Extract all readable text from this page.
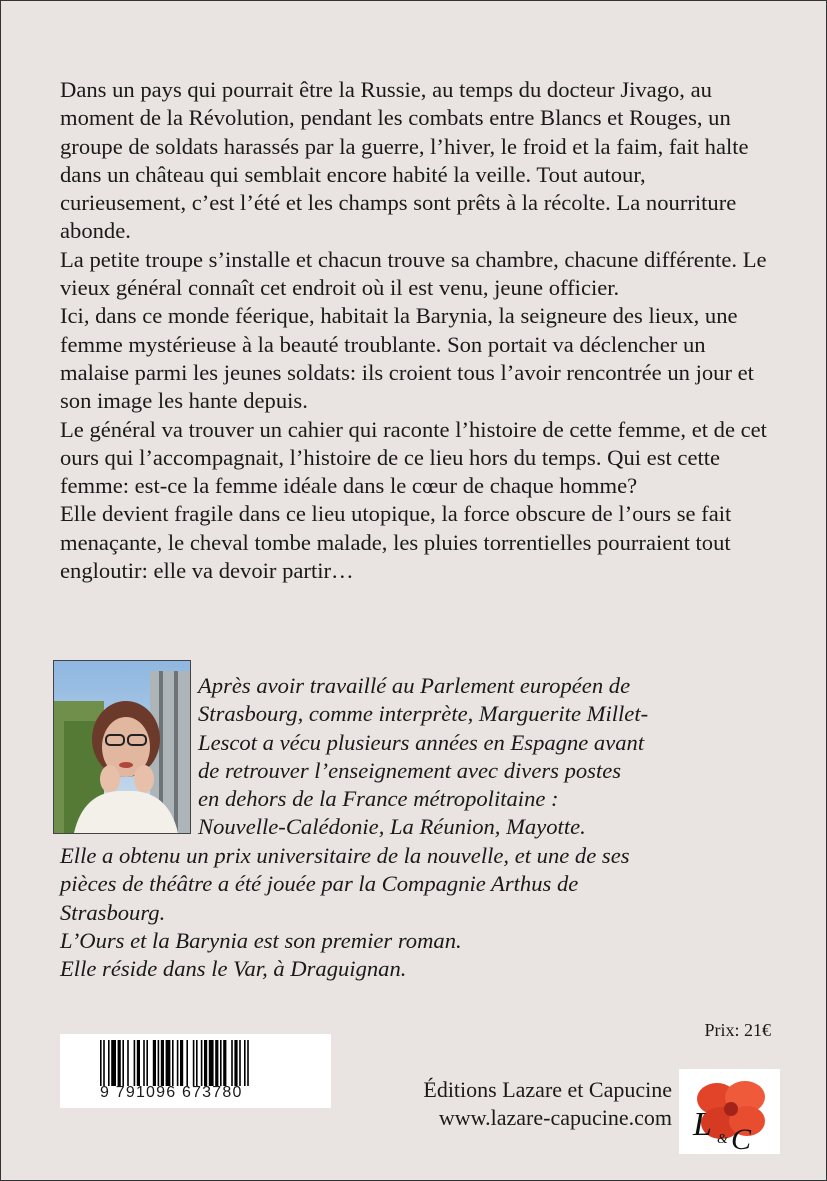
Dans un pays qui pourrait être la Russie, au temps du docteur Jivago, au moment de la Révolution, pendant les combats entre Blancs et Rouges, un groupe de soldats harassés par la guerre, l’hiver, le froid et la faim, fait halte dans un château qui semblait encore habité la veille. Tout autour, curieusement, c’est l’été et les champs sont prêts à la récolte. La nourriture abonde.

La petite troupe s’installe et chacun trouve sa chambre, chacune différente. Le vieux général connaît cet endroit où il est venu, jeune officier.

Ici, dans ce monde féerique, habitait la Barynia, la seigneure des lieux, une femme mystérieuse à la beauté troublante. Son portait va déclencher un malaise parmi les jeunes soldats: ils croient tous l’avoir rencontrée un jour et son image les hante depuis.

Le général va trouver un cahier qui raconte l’histoire de cette femme, et de cet ours qui l’accompagnait, l’histoire de ce lieu hors du temps. Qui est cette femme: est-ce la femme idéale dans le cœur de chaque homme?

Elle devient fragile dans ce lieu utopique, la force obscure de l’ours se fait menaçante, le cheval tombe malade, les pluies torrentielles pourraient tout engloutir: elle va devoir partir…

Après avoir travaillé au Parlement européen de

Strasbourg, comme interprète, Marguerite Millet-

Lescot a vécu plusieurs années en Espagne avant

de retrouver l’enseignement avec divers postes

en dehors de la France métropolitaine :

Nouvelle-Calédonie, La Réunion, Mayotte.

Elle a obtenu un prix universitaire de la nouvelle, et une de ses

pièces de théâtre a été jouée par la Compagnie Arthus de

Strasbourg.

L’Ours et la Barynia est son premier roman.

Elle réside dans le Var, à Draguignan.

Prix: 21€
9 791096 673780	Éditions Lazare et Capucine
www.lazare-capucine.com L & C
